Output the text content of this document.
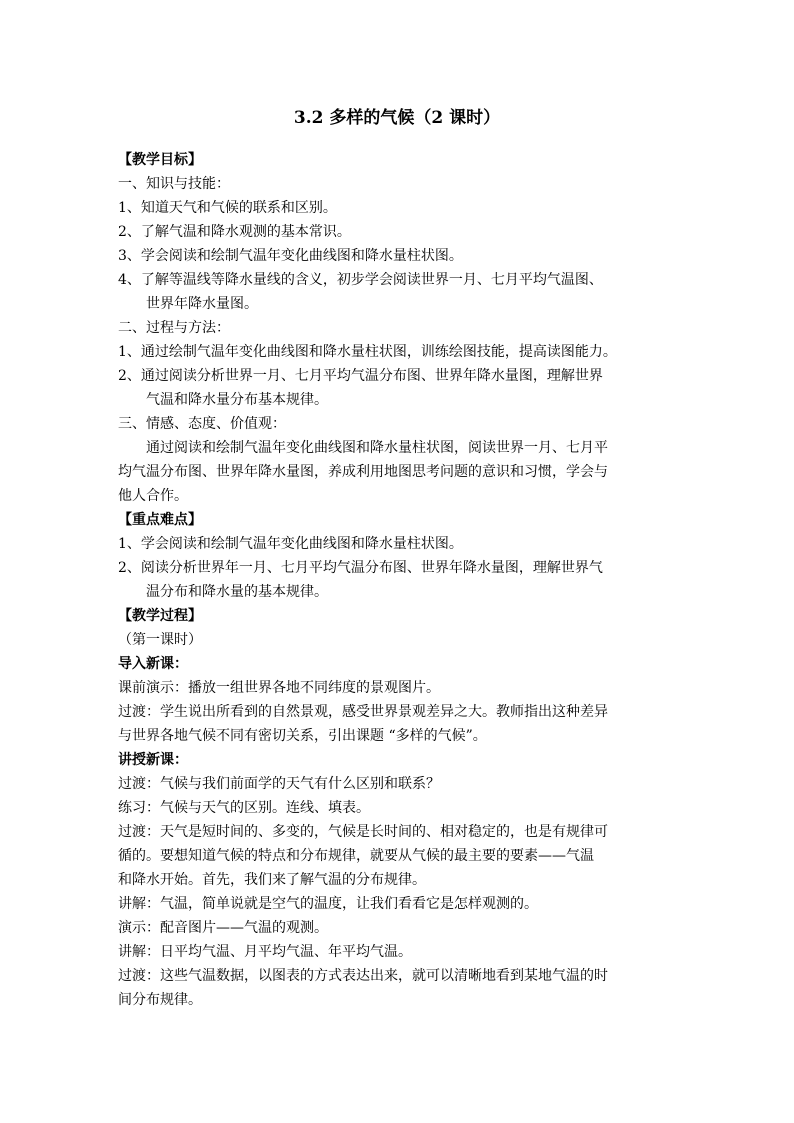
3.2 多样的气候（2 课时）
【教学目标】
一、知识与技能：
1、知道天气和气候的联系和区别。
2、了解气温和降水观测的基本常识。
3、学会阅读和绘制气温年变化曲线图和降水量柱状图。
4、了解等温线等降水量线的含义，初步学会阅读世界一月、七月平均气温图、
世界年降水量图。
二、过程与方法：
1、通过绘制气温年变化曲线图和降水量柱状图，训练绘图技能，提高读图能力。
2、通过阅读分析世界一月、七月平均气温分布图、世界年降水量图，理解世界
气温和降水量分布基本规律。
三、情感、态度、价值观：
通过阅读和绘制气温年变化曲线图和降水量柱状图，阅读世界一月、七月平
均气温分布图、世界年降水量图，养成利用地图思考问题的意识和习惯，学会与
他人合作。
【重点难点】
1、学会阅读和绘制气温年变化曲线图和降水量柱状图。
2、阅读分析世界年一月、七月平均气温分布图、世界年降水量图，理解世界气
温分布和降水量的基本规律。
【教学过程】
（第一课时）
导入新课：
课前演示：播放一组世界各地不同纬度的景观图片。
过渡：学生说出所看到的自然景观，感受世界景观差异之大。教师指出这种差异
与世界各地气候不同有密切关系，引出课题 “多样的气候”。
讲授新课：
过渡：气候与我们前面学的天气有什么区别和联系？
练习：气候与天气的区别。连线、填表。
过渡：天气是短时间的、多变的，气候是长时间的、相对稳定的，也是有规律可
循的。要想知道气候的特点和分布规律，就要从气候的最主要的要素——气温
和降水开始。首先，我们来了解气温的分布规律。
讲解：气温，简单说就是空气的温度，让我们看看它是怎样观测的。
演示：配音图片——气温的观测。
讲解：日平均气温、月平均气温、年平均气温。
过渡：这些气温数据，以图表的方式表达出来，就可以清晰地看到某地气温的时
间分布规律。
